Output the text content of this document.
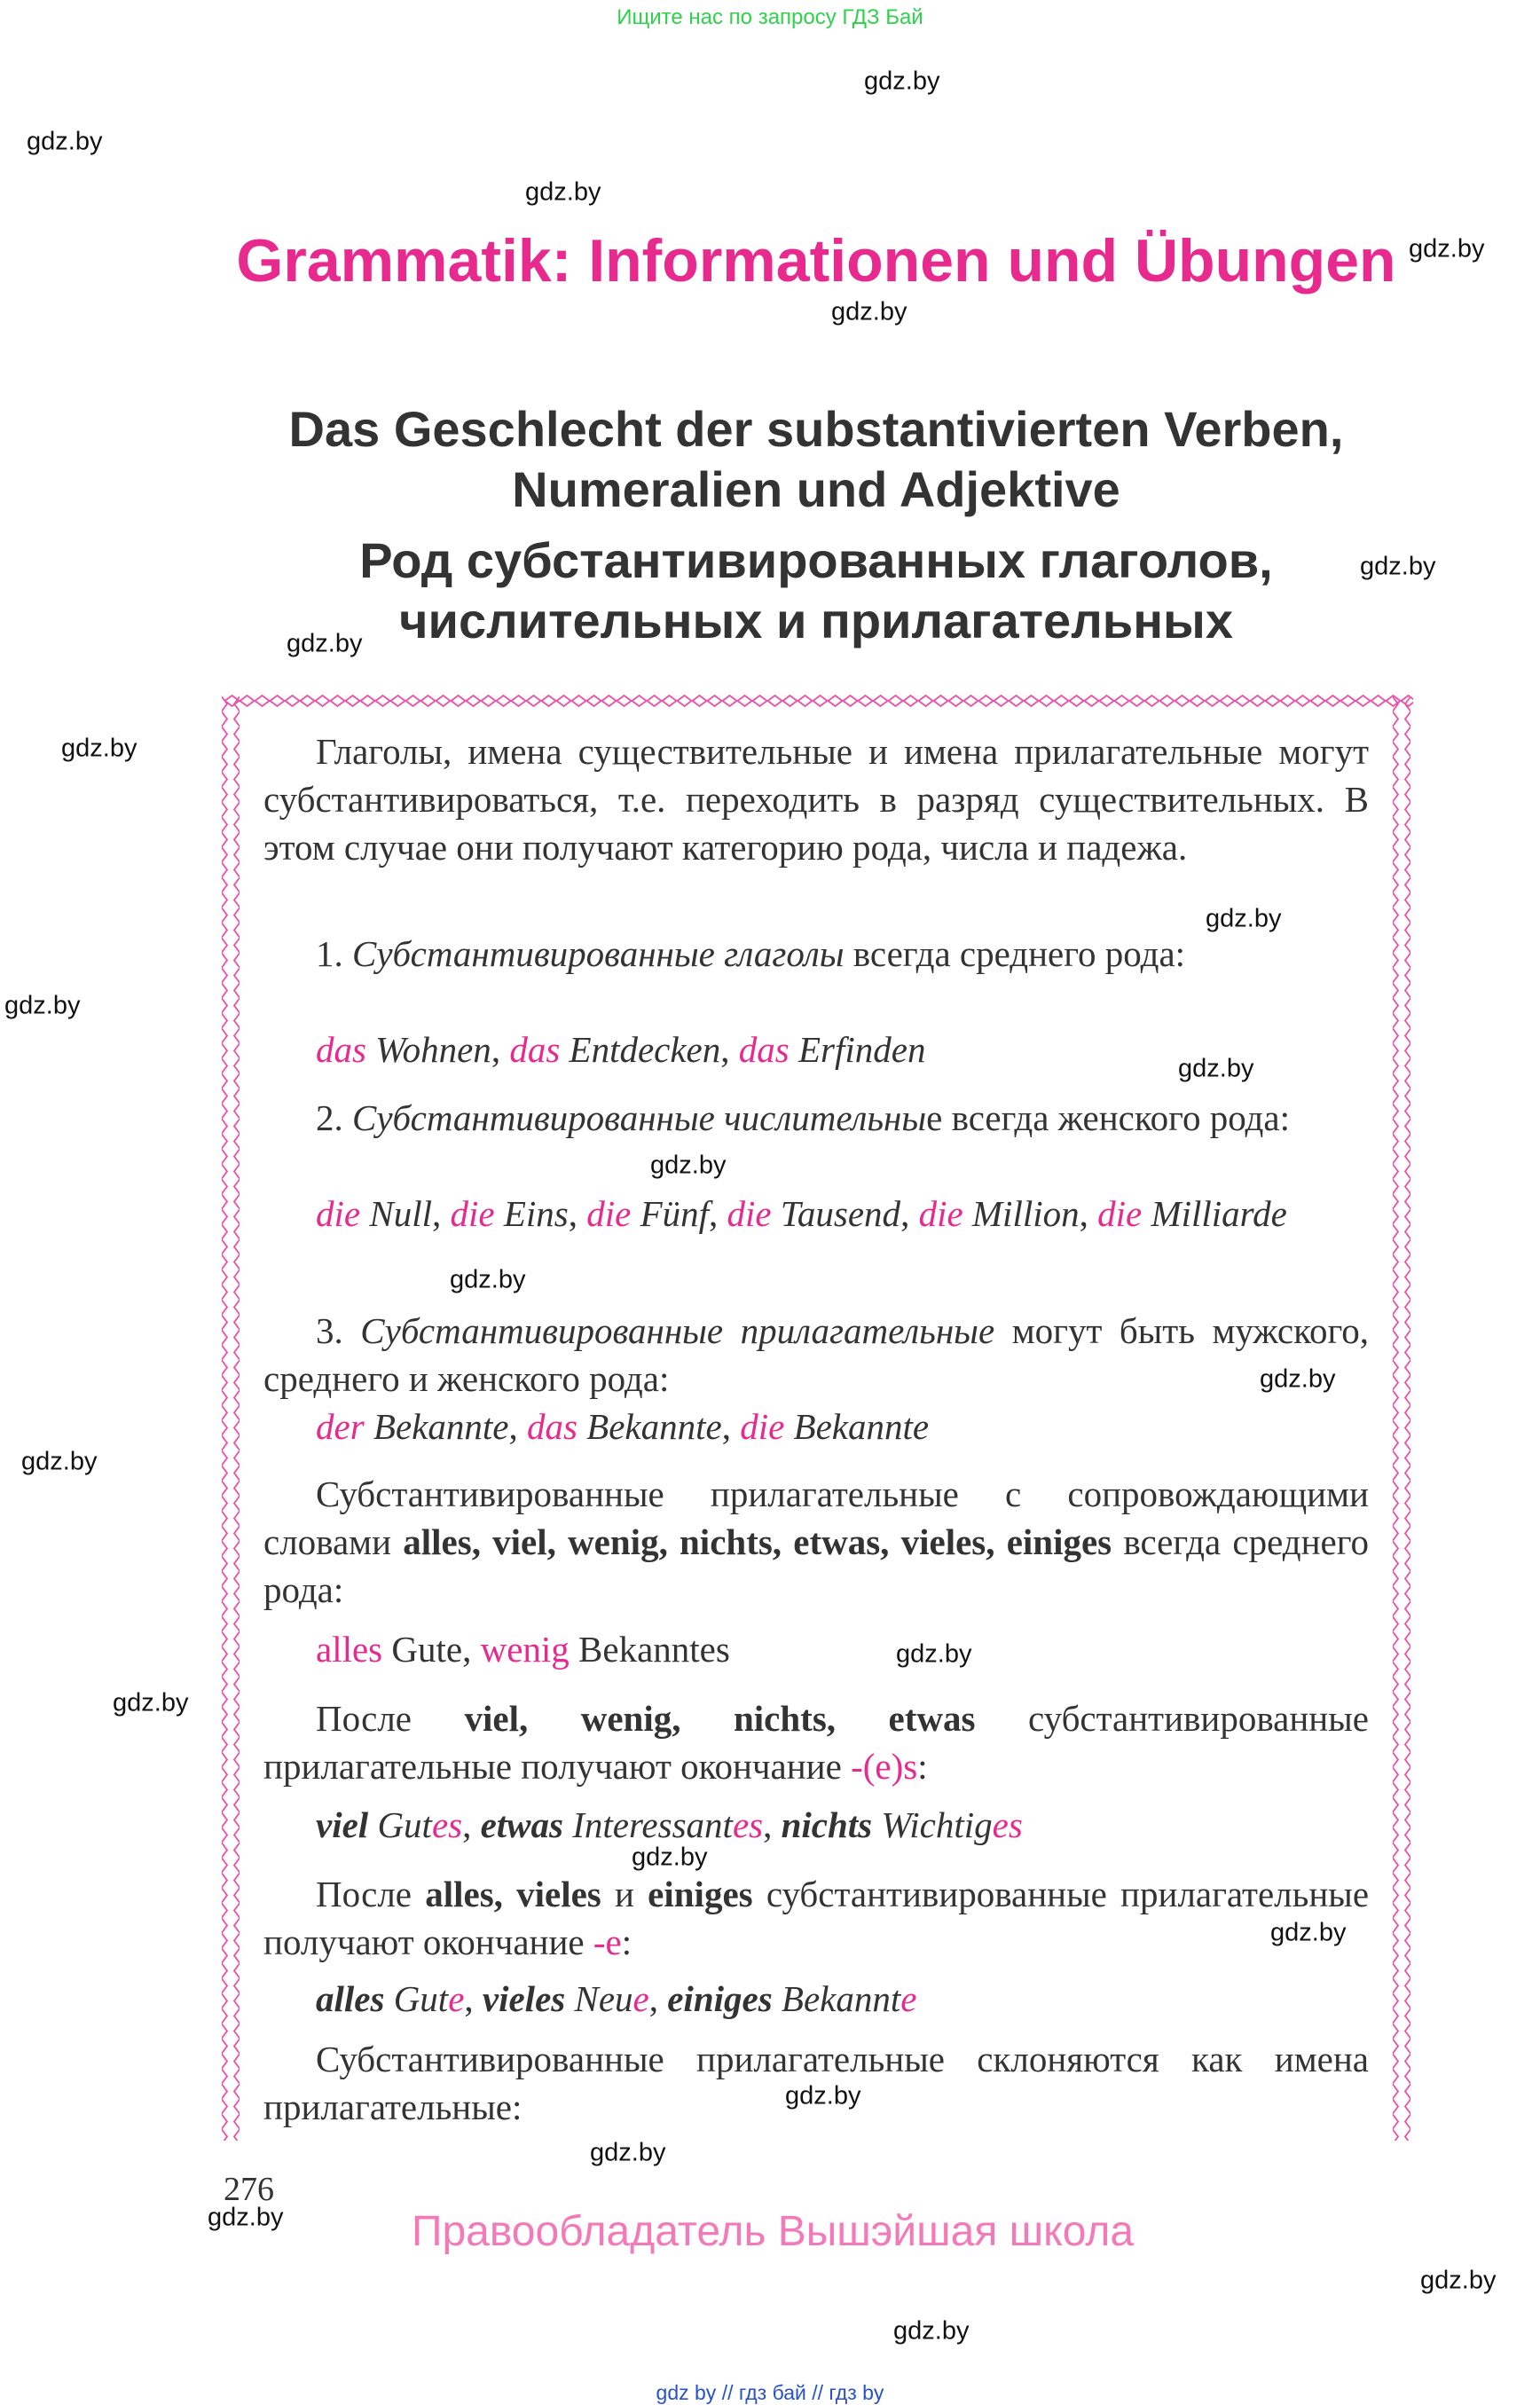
Ищите нас по запросу ГДЗ Бай
Grammatik: Informationen und Übungen
Das Geschlecht der substantivierten Verben,
Numeralien und Adjektive
Род субстантивированных глаголов,
числительных и прилагательных
Глаголы, имена существительные и имена прилагательные могут субстантивироваться, т.е. переходить в разряд существительных. В этом случае они получают категорию рода, числа и падежа.
1. Субстантивированные глаголы всегда среднего рода:
das Wohnen, das Entdecken, das Erfinden
2. Субстантивированные числительные всегда женского рода:
die Null, die Eins, die Fünf, die Tausend, die Million, die Milliarde
3. Субстантивированные прилагательные могут быть мужского, среднего и женского рода:
der Bekannte, das Bekannte, die Bekannte
Субстантивированные прилагательные с сопровождающими словами alles, viel, wenig, nichts, etwas, vieles, einiges всегда среднего рода:
alles Gute, wenig Bekanntes
После viel, wenig, nichts, etwas субстантивированные прилагательные получают окончание -(e)s:
viel Gutes, etwas Interessantes, nichts Wichtiges
После alles, vieles и einiges субстантивированные прилагательные получают окончание -e:
alles Gute, vieles Neue, einiges Bekannte
Субстантивированные прилагательные склоняются как имена прилагательные:
276
Правообладатель Вышэйшая школа
gdz.by
gdz.by
gdz.by
gdz.by
gdz.by
gdz.by
gdz.by
gdz.by
gdz.by
gdz.by
gdz.by
gdz.by
gdz.by
gdz.by
gdz.by
gdz.by
gdz.by
gdz.by
gdz.by
gdz.by
gdz.by
gdz.by
gdz.by
gdz.by
gdz by // гдз бай // гдз by
